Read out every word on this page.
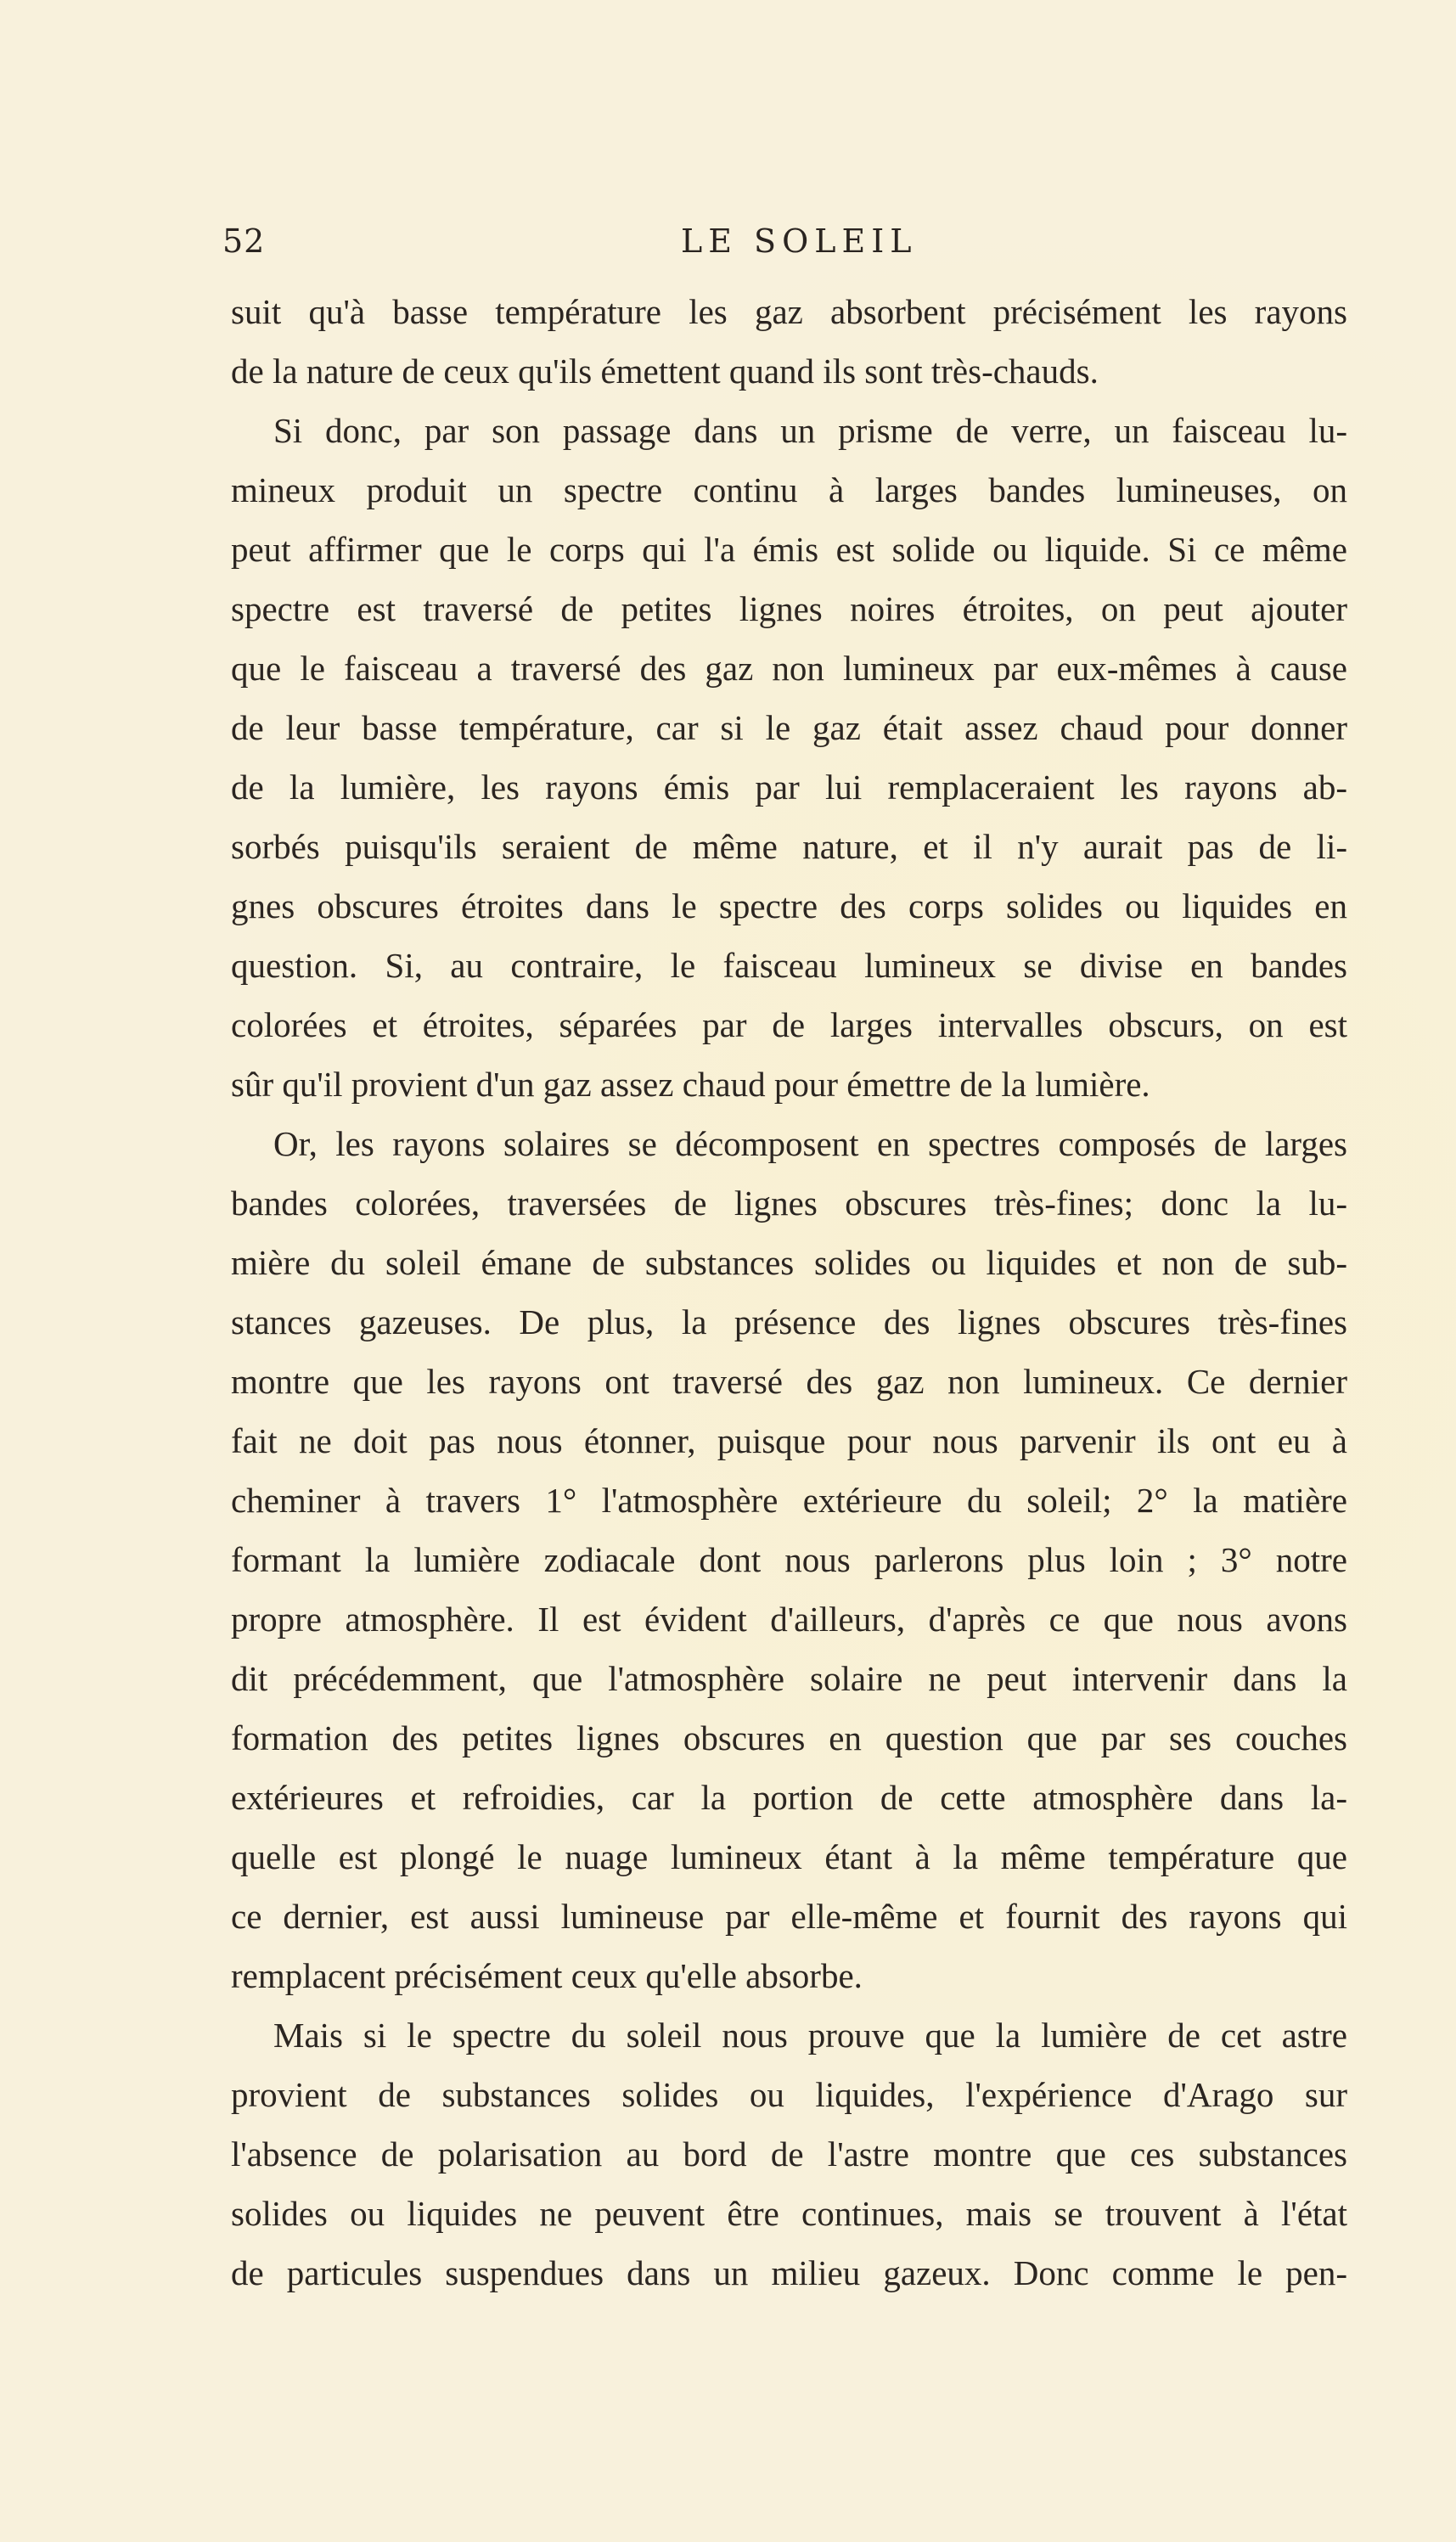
52	LE SOLEIL

suit qu'à basse température les gaz absorbent précisément les rayons
de la nature de ceux qu'ils émettent quand ils sont très-chauds.

Si donc, par son passage dans un prisme de verre, un faisceau lu-
mineux produit un spectre continu à larges bandes lumineuses, on
peut affirmer que le corps qui l'a émis est solide ou liquide. Si ce même
spectre est traversé de petites lignes noires étroites, on peut ajouter
que le faisceau a traversé des gaz non lumineux par eux-mêmes à cause
de leur basse température, car si le gaz était assez chaud pour donner
de la lumière, les rayons émis par lui remplaceraient les rayons ab-
sorbés puisqu'ils seraient de même nature, et il n'y aurait pas de li-
gnes obscures étroites dans le spectre des corps solides ou liquides en
question. Si, au contraire, le faisceau lumineux se divise en bandes
colorées et étroites, séparées par de larges intervalles obscurs, on est
sûr qu'il provient d'un gaz assez chaud pour émettre de la lumière.

Or, les rayons solaires se décomposent en spectres composés de larges
bandes colorées, traversées de lignes obscures très-fines; donc la lu-
mière du soleil émane de substances solides ou liquides et non de sub-
stances gazeuses. De plus, la présence des lignes obscures très-fines
montre que les rayons ont traversé des gaz non lumineux. Ce dernier
fait ne doit pas nous étonner, puisque pour nous parvenir ils ont eu à
cheminer à travers 1° l'atmosphère extérieure du soleil; 2° la matière
formant la lumière zodiacale dont nous parlerons plus loin ; 3° notre
propre atmosphère. Il est évident d'ailleurs, d'après ce que nous avons
dit précédemment, que l'atmosphère solaire ne peut intervenir dans la
formation des petites lignes obscures en question que par ses couches
extérieures et refroidies, car la portion de cette atmosphère dans la-
quelle est plongé le nuage lumineux étant à la même température que
ce dernier, est aussi lumineuse par elle-même et fournit des rayons qui
remplacent précisément ceux qu'elle absorbe.

Mais si le spectre du soleil nous prouve que la lumière de cet astre
provient de substances solides ou liquides, l'expérience d'Arago sur
l'absence de polarisation au bord de l'astre montre que ces substances
solides ou liquides ne peuvent être continues, mais se trouvent à l'état
de particules suspendues dans un milieu gazeux. Donc comme le pen-
